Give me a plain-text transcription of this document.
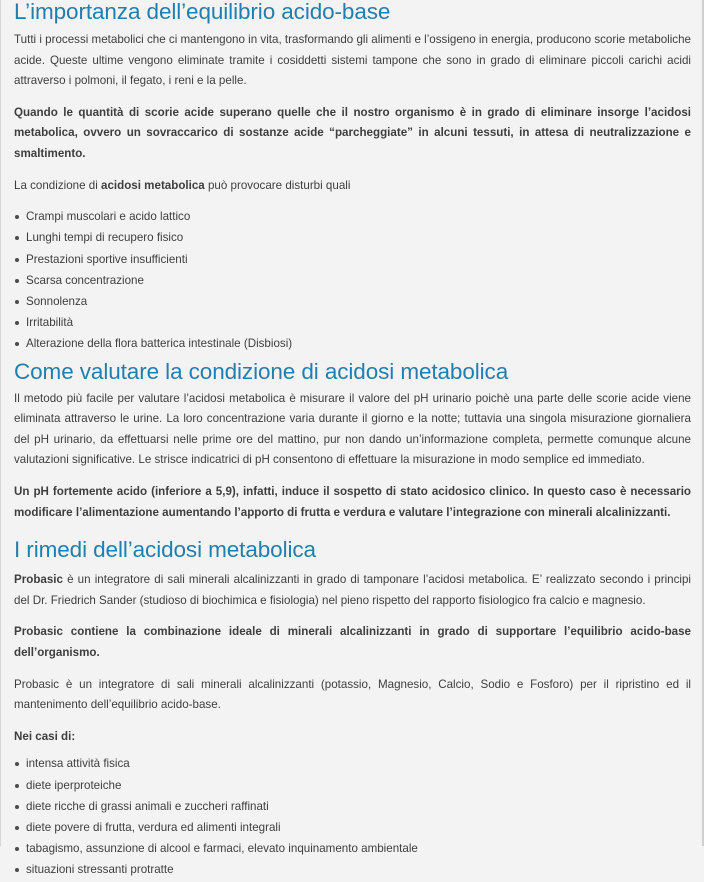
L’importanza dell’equilibrio acido-base

Tutti i processi metabolici che ci mantengono in vita, trasformando gli alimenti e l’ossigeno in energia, producono scorie metaboliche acide. Queste ultime vengono eliminate tramite i cosiddetti sistemi tampone che sono in grado di eliminare piccoli carichi acidi attraverso i polmoni, il fegato, i reni e la pelle.

Quando le quantità di scorie acide superano quelle che il nostro organismo è in grado di eliminare insorge l’acidosi metabolica, ovvero un sovraccarico di sostanze acide “parcheggiate” in alcuni tessuti, in attesa di neutralizzazione e smaltimento.

La condizione di acidosi metabolica può provocare disturbi quali

Crampi muscolari e acido lattico
Lunghi tempi di recupero fisico
Prestazioni sportive insufficienti
Scarsa concentrazione
Sonnolenza
Irritabilità
Alterazione della flora batterica intestinale (Disbiosi)
Come valutare la condizione di acidosi metabolica

Il metodo più facile per valutare l’acidosi metabolica è misurare il valore del pH urinario poichè una parte delle scorie acide viene eliminata attraverso le urine. La loro concentrazione varia durante il giorno e la notte; tuttavia una singola misurazione giornaliera del pH urinario, da effettuarsi nelle prime ore del mattino, pur non dando un’informazione completa, permette comunque alcune valutazioni significative. Le strisce indicatrici di pH consentono di effettuare la misurazione in modo semplice ed immediato.

Un pH fortemente acido (inferiore a 5,9), infatti, induce il sospetto di stato acidosico clinico. In questo caso è necessario modificare l’alimentazione aumentando l’apporto di frutta e verdura e valutare l’integrazione con minerali alcalinizzanti.

I rimedi dell’acidosi metabolica

Probasic è un integratore di sali minerali alcalinizzanti in grado di tamponare l’acidosi metabolica. E’ realizzato secondo i principi del Dr. Friedrich Sander (studioso di biochimica e fisiologia) nel pieno rispetto del rapporto fisiologico fra calcio e magnesio.

Probasic contiene la combinazione ideale di minerali alcalinizzanti in grado di supportare l’equilibrio acido-base dell’organismo.

Probasic è un integratore di sali minerali alcalinizzanti (potassio, Magnesio, Calcio, Sodio e Fosforo) per il ripristino ed il mantenimento dell’equilibrio acido-base.

Nei casi di:

intensa attività fisica
diete iperproteiche
diete ricche di grassi animali e zuccheri raffinati
diete povere di frutta, verdura ed alimenti integrali
tabagismo, assunzione di alcool e farmaci, elevato inquinamento ambientale
situazioni stressanti protratte
